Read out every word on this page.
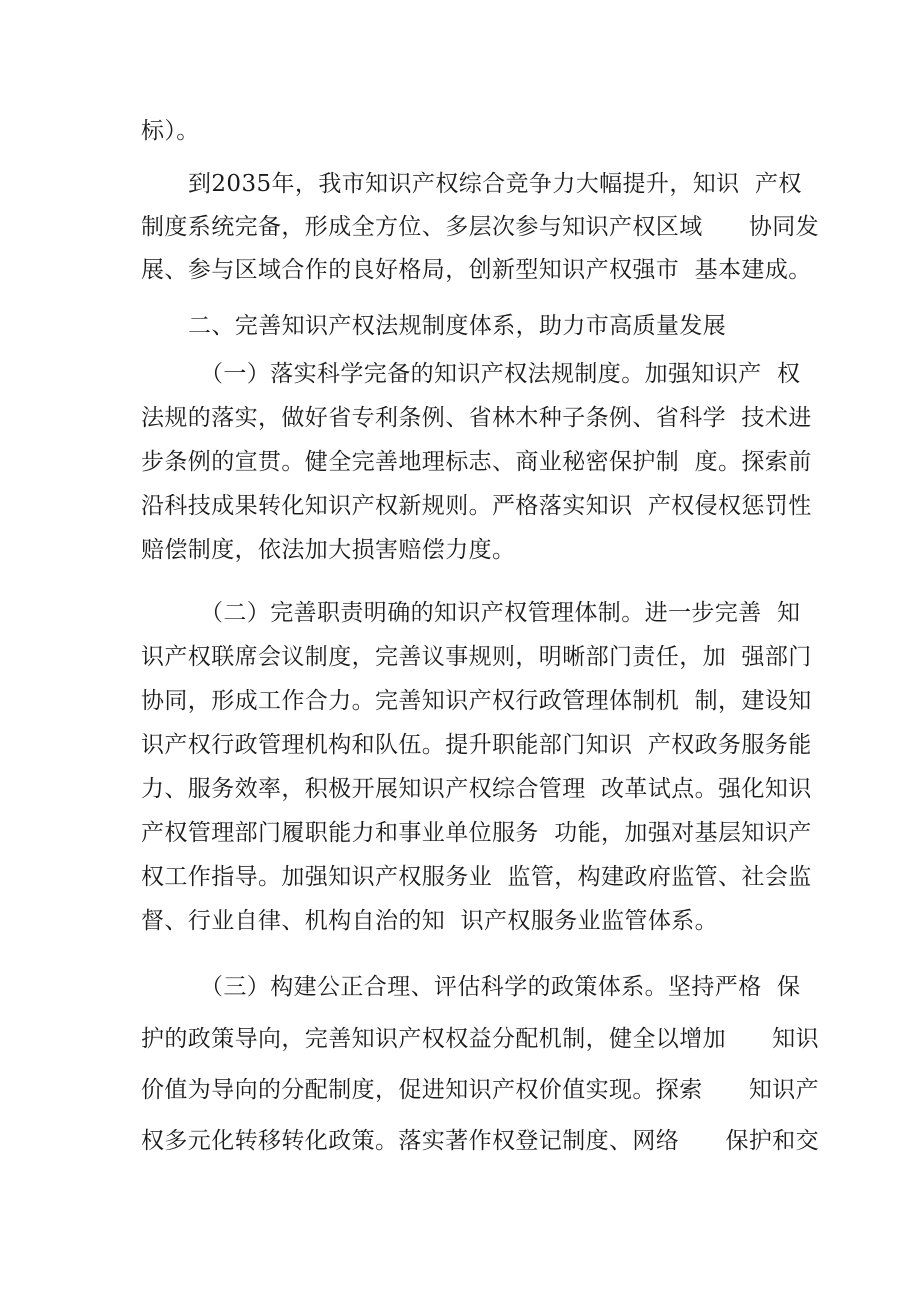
标）。
到2035年，我市知识产权综合竞争力大幅提升，知识  产权
制度系统完备，形成全方位、多层次参与知识产权区域      协同发
展、参与区域合作的良好格局，创新型知识产权强市  基本建成。
二、完善知识产权法规制度体系，助力市高质量发展
（一）落实科学完备的知识产权法规制度。加强知识产  权
法规的落实，做好省专利条例、省林木种子条例、省科学  技术进
步条例的宣贯。健全完善地理标志、商业秘密保护制  度。探索前
沿科技成果转化知识产权新规则。严格落实知识  产权侵权惩罚性
赔偿制度，依法加大损害赔偿力度。
（二）完善职责明确的知识产权管理体制。进一步完善  知
识产权联席会议制度，完善议事规则，明晰部门责任，加  强部门
协同，形成工作合力。完善知识产权行政管理体制机  制，建设知
识产权行政管理机构和队伍。提升职能部门知识  产权政务服务能
力、服务效率，积极开展知识产权综合管理  改革试点。强化知识
产权管理部门履职能力和事业单位服务  功能，加强对基层知识产
权工作指导。加强知识产权服务业  监管，构建政府监管、社会监
督、行业自律、机构自治的知  识产权服务业监管体系。
（三）构建公正合理、评估科学的政策体系。坚持严格  保
护的政策导向，完善知识产权权益分配机制，健全以增加      知识
价值为导向的分配制度，促进知识产权价值实现。探索      知识产
权多元化转移转化政策。落实著作权登记制度、网络      保护和交
